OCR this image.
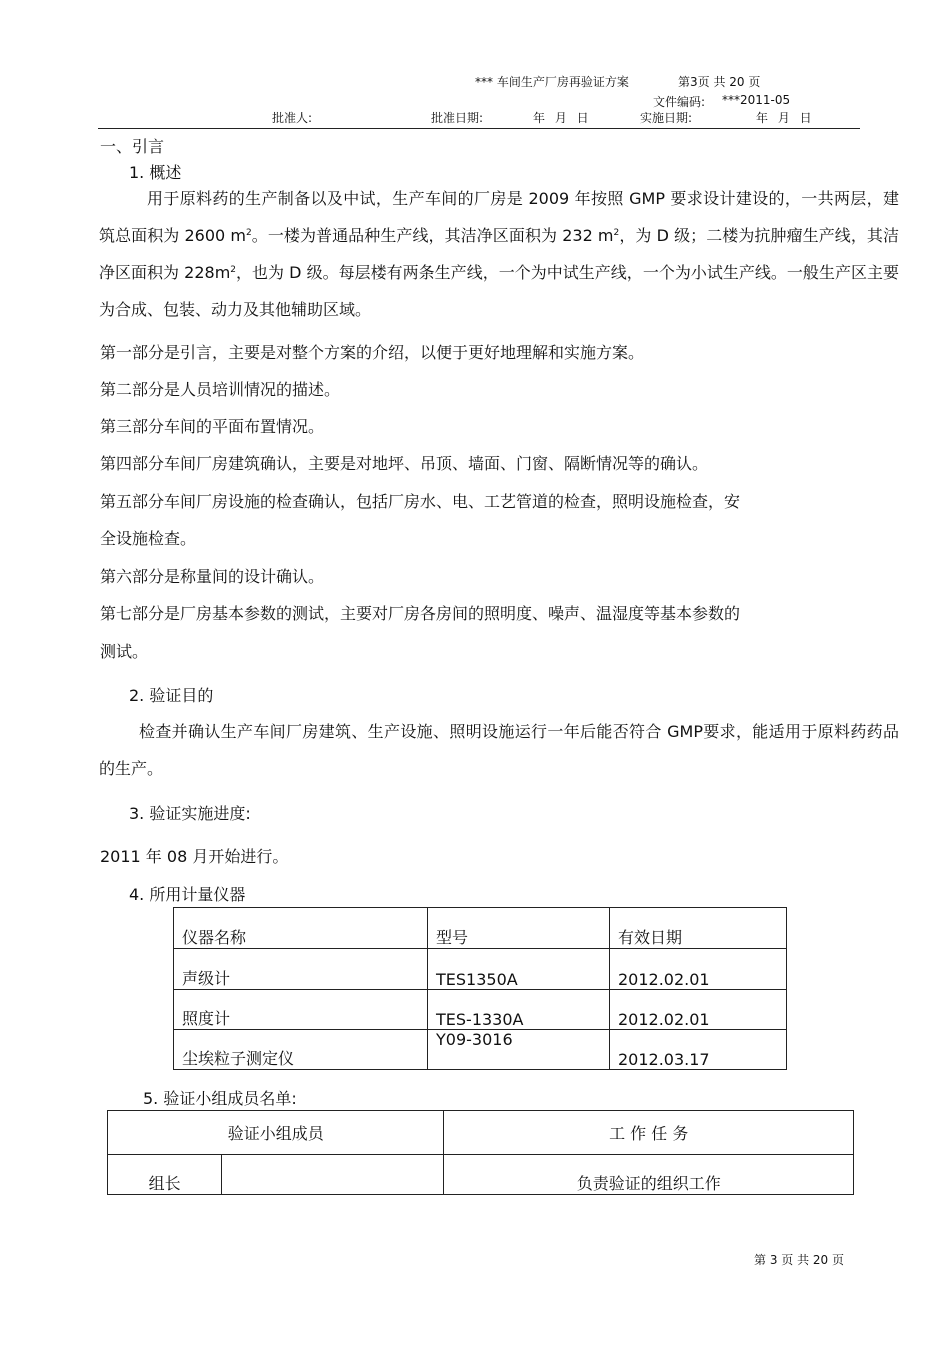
*** 车间生产厂房再验证方案	第3页 共 20 页
文件编码: ***2011-05
批准人:	批准日期:	年 月 日	实施日期:	年 月 日
一、引言
1. 概述
用于原料药的生产制备以及中试，生产车间的厂房是 2009 年按照 GMP 要求设计建设的，一共两层，建筑总面积为 2600 $m^2$。一楼为普通品种生产线，其洁净区面积为 232 $m^2$，为 D 级；二楼为抗肿瘤生产线，其洁净区面积为 $228m^2$，也为 D 级。每层楼有两条生产线，一个为中试生产线，一个为小试生产线。一般生产区主要为合成、包装、动力及其他辅助区域。
第一部分是引言，主要是对整个方案的介绍，以便于更好地理解和实施方案。
第二部分是人员培训情况的描述。
第三部分车间的平面布置情况。
第四部分车间厂房建筑确认，主要是对地坪、吊顶、墙面、门窗、隔断情况等的确认。
第五部分车间厂房设施的检查确认，包括厂房水、电、工艺管道的检查，照明设施检查，安
全设施检查。
第六部分是称量间的设计确认。
第七部分是厂房基本参数的测试，主要对厂房各房间的照明度、噪声、温湿度等基本参数的
测试。
2. 验证目的
检查并确认生产车间厂房建筑、生产设施、照明设施运行一年后能否符合 GMP要求，能适用于原料药药品的生产。
3. 验证实施进度:
2011 年 08 月开始进行。
4. 所用计量仪器
仪器名称	型号	有效日期
声级计	TES1350A	2012.02.01
照度计	TES-1330A	2012.02.01
尘埃粒子测定仪	Y09-3016	2012.03.17
5. 验证小组成员名单:
验证小组成员		工 作 任 务
组长		负责验证的组织工作
第 3 页 共 20 页
